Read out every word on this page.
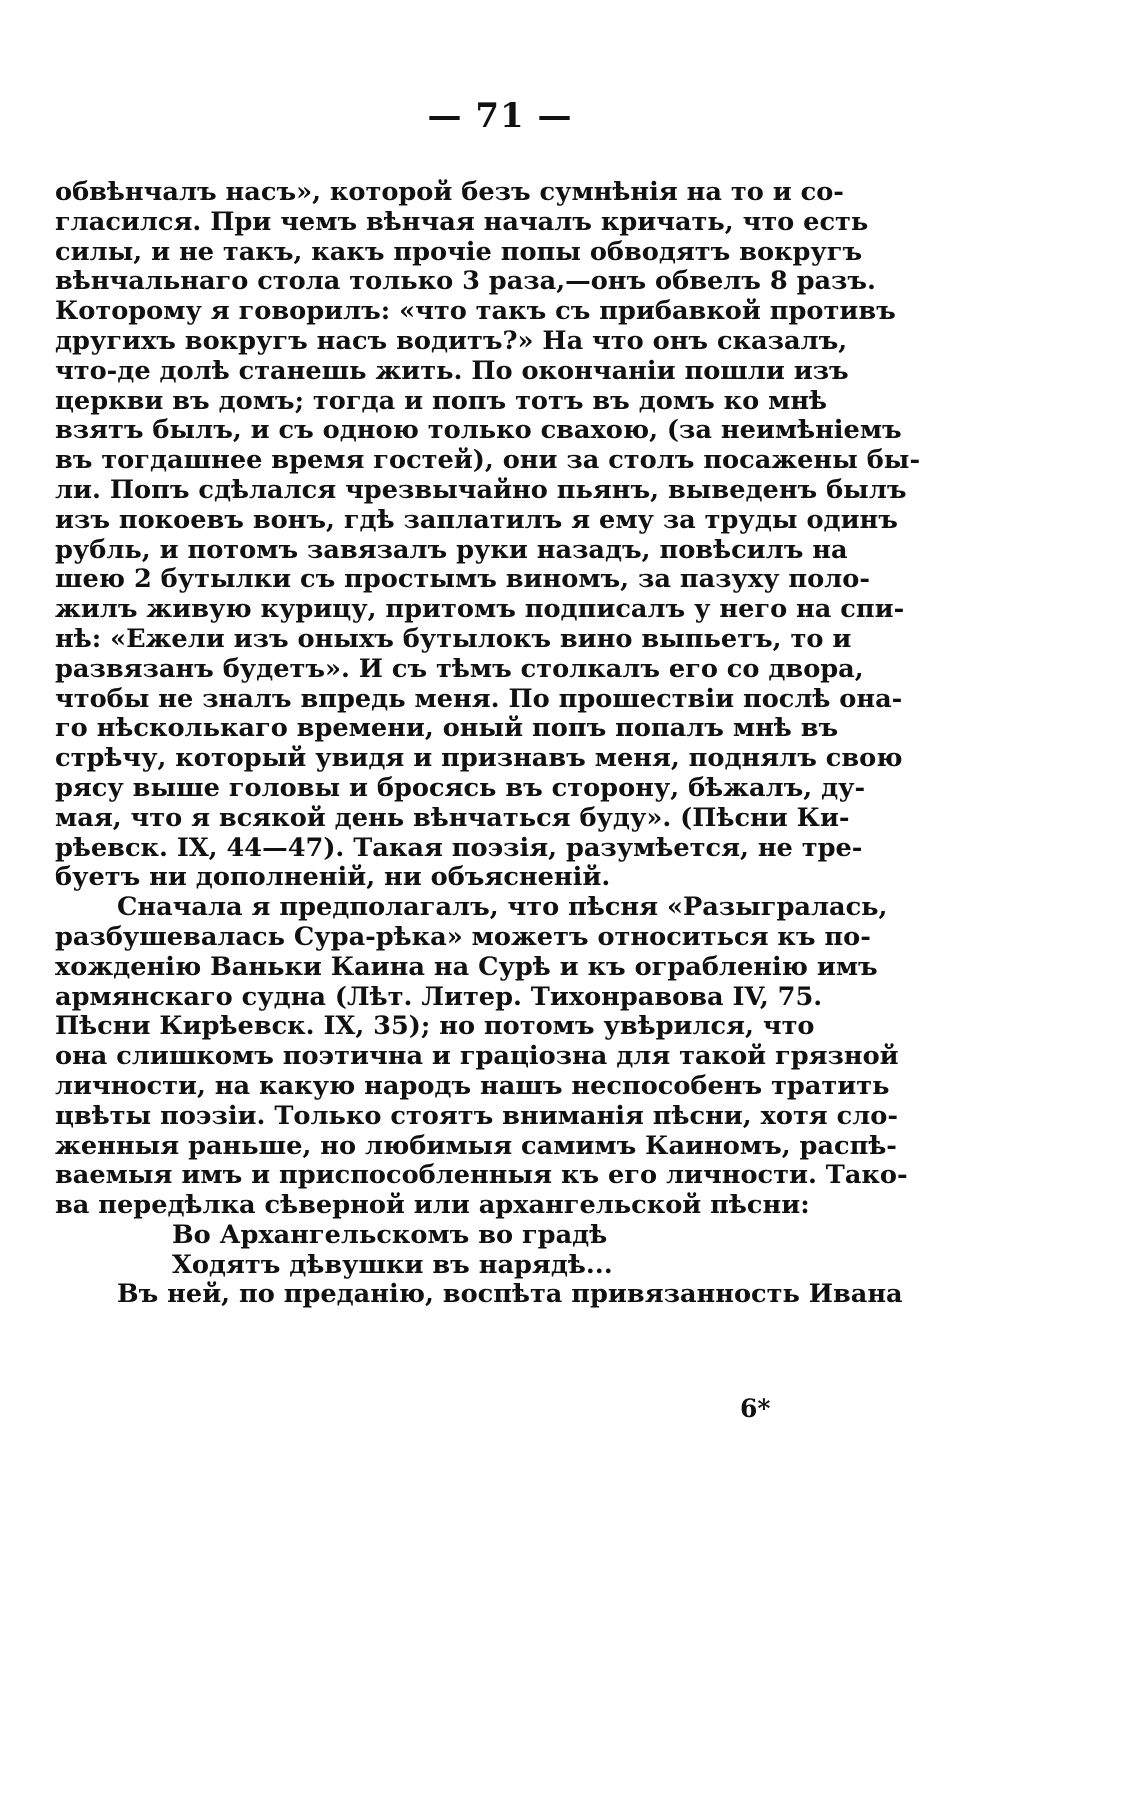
— 71 —
обвѣнчалъ насъ», которой безъ сумнѣнія на то и со-
гласился. При чемъ вѣнчая началъ кричать, что есть
силы, и не такъ, какъ прочіе попы обводятъ вокругъ
вѣнчальнаго стола только 3 раза,—онъ обвелъ 8 разъ.
Которому я говорилъ: «что такъ съ прибавкой противъ
другихъ вокругъ насъ водитъ?» На что онъ сказалъ,
что-де долѣ станешь жить. По окончаніи пошли изъ
церкви въ домъ; тогда и попъ тотъ въ домъ ко мнѣ
взятъ былъ, и съ одною только свахою, (за неимѣніемъ
въ тогдашнее время гостей), они за столъ посажены бы-
ли. Попъ сдѣлался чрезвычайно пьянъ, выведенъ былъ
изъ покоевъ вонъ, гдѣ заплатилъ я ему за труды одинъ
рубль, и потомъ завязалъ руки назадъ, повѣсилъ на
шею 2 бутылки съ простымъ виномъ, за пазуху поло-
жилъ живую курицу, притомъ подписалъ у него на спи-
нѣ: «Ежели изъ оныхъ бутылокъ вино выпьетъ, то и
развязанъ будетъ». И съ тѣмъ столкалъ его со двора,
чтобы не зналъ впредь меня. По прошествіи послѣ она-
го нѣсколькаго времени, оный попъ попалъ мнѣ въ
стрѣчу, который увидя и признавъ меня, поднялъ свою
рясу выше головы и бросясь въ сторону, бѣжалъ, ду-
мая, что я всякой день вѣнчаться буду». (Пѣсни Ки-
рѣевск. IX, 44—47). Такая поэзія, разумѣется, не тре-
буетъ ни дополненій, ни объясненій.
Сначала я предполагалъ, что пѣсня «Разыгралась,
разбушевалась Сура-рѣка» можетъ относиться къ по-
хожденію Ваньки Каина на Сурѣ и къ ограбленію имъ
армянскаго судна (Лѣт. Литер. Тихонравова IV, 75.
Пѣсни Кирѣевск. IX, 35); но потомъ увѣрился, что
она слишкомъ поэтична и граціозна для такой грязной
личности, на какую народъ нашъ неспособенъ тратить
цвѣты поэзіи. Только стоятъ вниманія пѣсни, хотя сло-
женныя раньше, но любимыя самимъ Каиномъ, распѣ-
ваемыя имъ и приспособленныя къ его личности. Тако-
ва передѣлка сѣверной или архангельской пѣсни:
Во Архангельскомъ во градѣ
Ходятъ дѣвушки въ нарядѣ...
Въ ней, по преданію, воспѣта привязанность Ивана
6*
